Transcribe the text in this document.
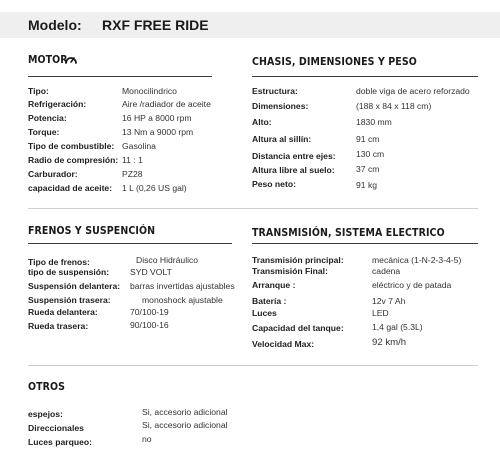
Modelo: RXF FREE RIDE
MOTOR
Tipo:	Monocilindrico
Refrigeración:	Aire /radiador de aceite
Potencia:	16 HP a 8000 rpm
Torque:	13 Nm a 9000 rpm
Tipo de combustible: Gasolina
Radio de compresión: 11 : 1
Carburador:	PZ28
capacidad de aceite: 1 L (0,26 US gal)
CHASIS, DIMENSIONES Y PESO
Estructura:	doble viga de acero reforzado
Dimensiones:	(188 x 84 x 118 cm)
Alto:	1830 mm
Altura al sillín:	91 cm
Distancia entre ejes: 130 cm
Altura libre al suelo: 37 cm
Peso neto:	91 kg
FRENOS Y SUSPENCIÓN
Tipo de frenos:	Disco Hidráulico
tipo de suspensión: SYD VOLT
Suspensión delantera: barras invertidas ajustables
Suspensión trasera:	monoshock ajustable
Rueda delantera:	70/100-19
Rueda trasera:	90/100-16
TRANSMISIÓN, SISTEMA ELECTRICO
Transmisión principal:	mecánica (1-N-2-3-4-5)
Transmisión Final:	cadena
Arranque :	eléctrico y de patada
Batería :	12v 7 Ah
Luces	LED
Capacidad del tanque:	1,4 gal (5.3L)
Velocidad Max:	92 km/h
OTROS
espejos:	Si, accesorio adicional
Direccionales	Si, accesorio adicional
Luces parqueo:	no
